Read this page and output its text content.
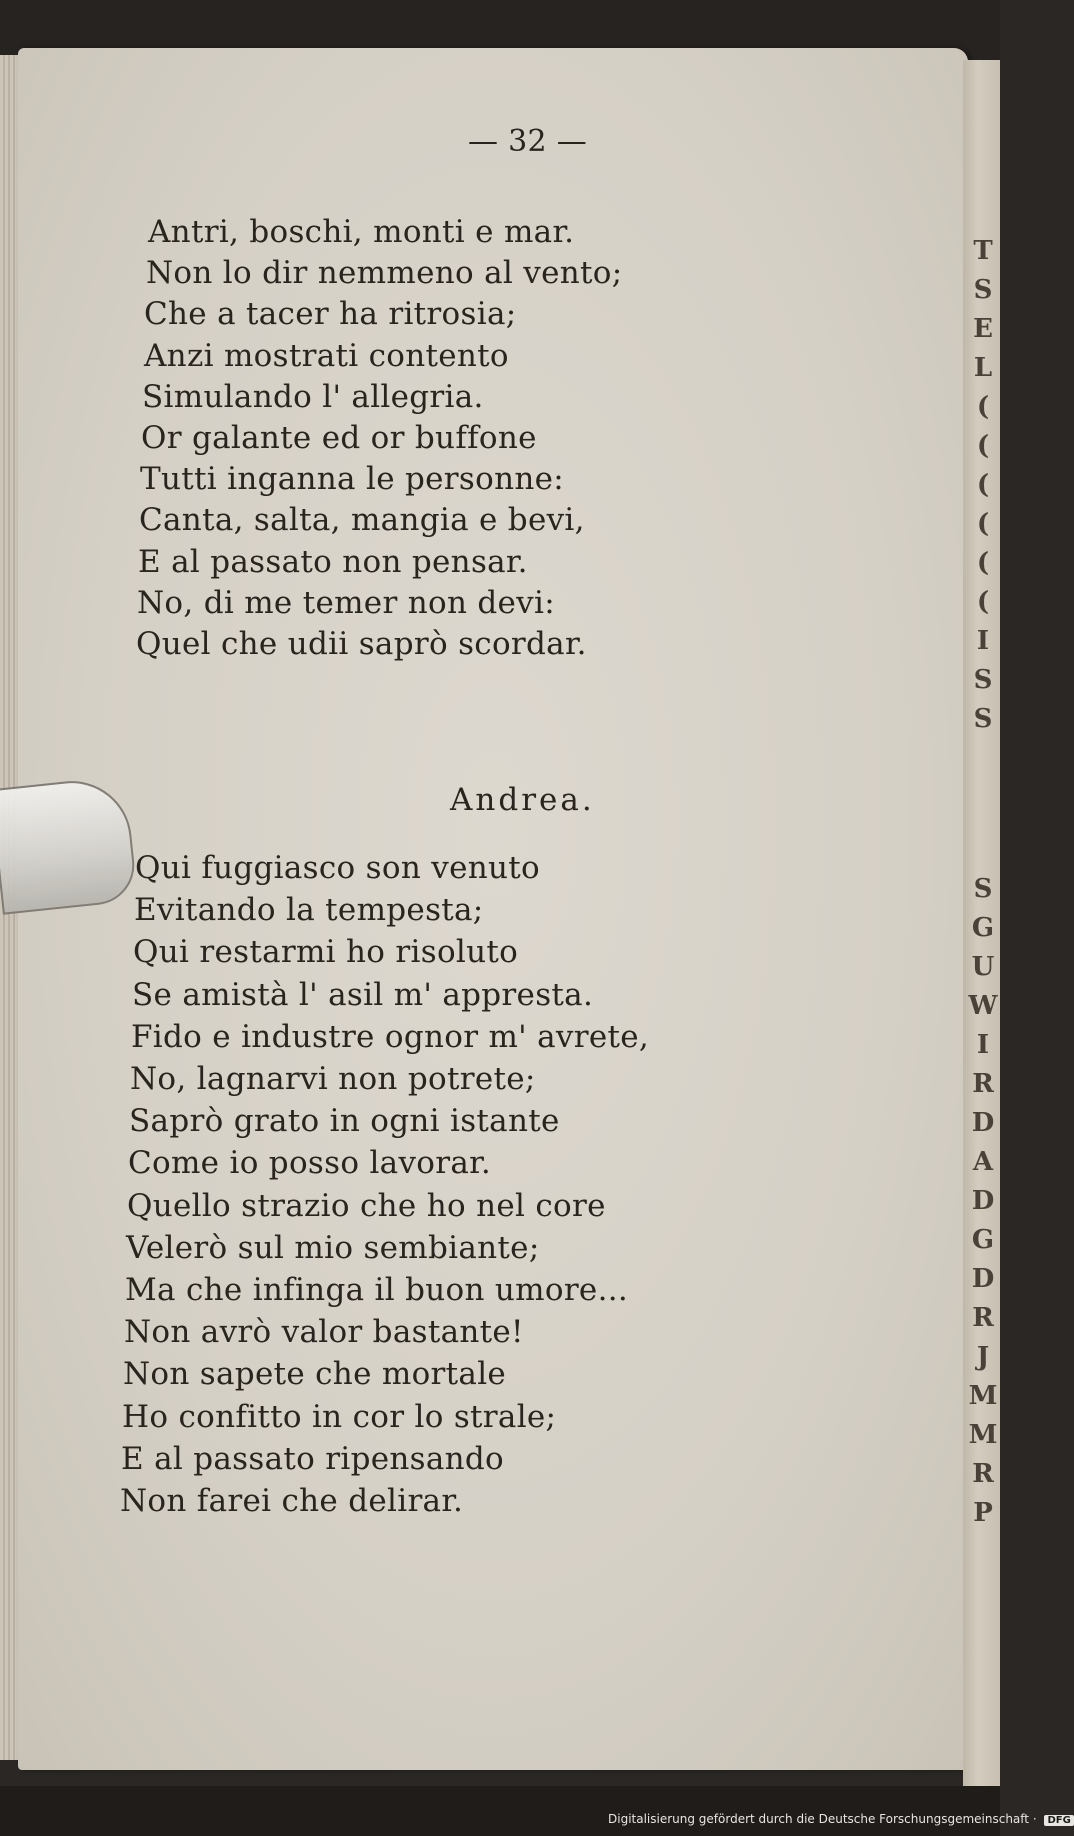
T
S
E
L
(
(
(
(
(
(
I
S
S
S
G
U
W
I
R
D
A
D
G
D
R
J
M
M
R
P
— 32 —
Antri, boschi, monti e mar.
Non lo dir nemmeno al vento;
Che a tacer ha ritrosia;
Anzi mostrati contento
Simulando l' allegria.
Or galante ed or buffone
Tutti inganna le personne:
Canta, salta, mangia e bevi,
E al passato non pensar.
No, di me temer non devi:
Quel che udii saprò scordar.
Andrea.
Qui fuggiasco son venuto
Evitando la tempesta;
Qui restarmi ho risoluto
Se amistà l' asil m' appresta.
Fido e industre ognor m' avrete,
No, lagnarvi non potrete;
Saprò grato in ogni istante
Come io posso lavorar.
Quello strazio che ho nel core
Velerò sul mio sembiante;
Ma che infinga il buon umore...
Non avrò valor bastante!
Non sapete che mortale
Ho confitto in cor lo strale;
E al passato ripensando
Non farei che delirar.
Digitalisierung gefördert durch die Deutsche Forschungsgemeinschaft · DFG
